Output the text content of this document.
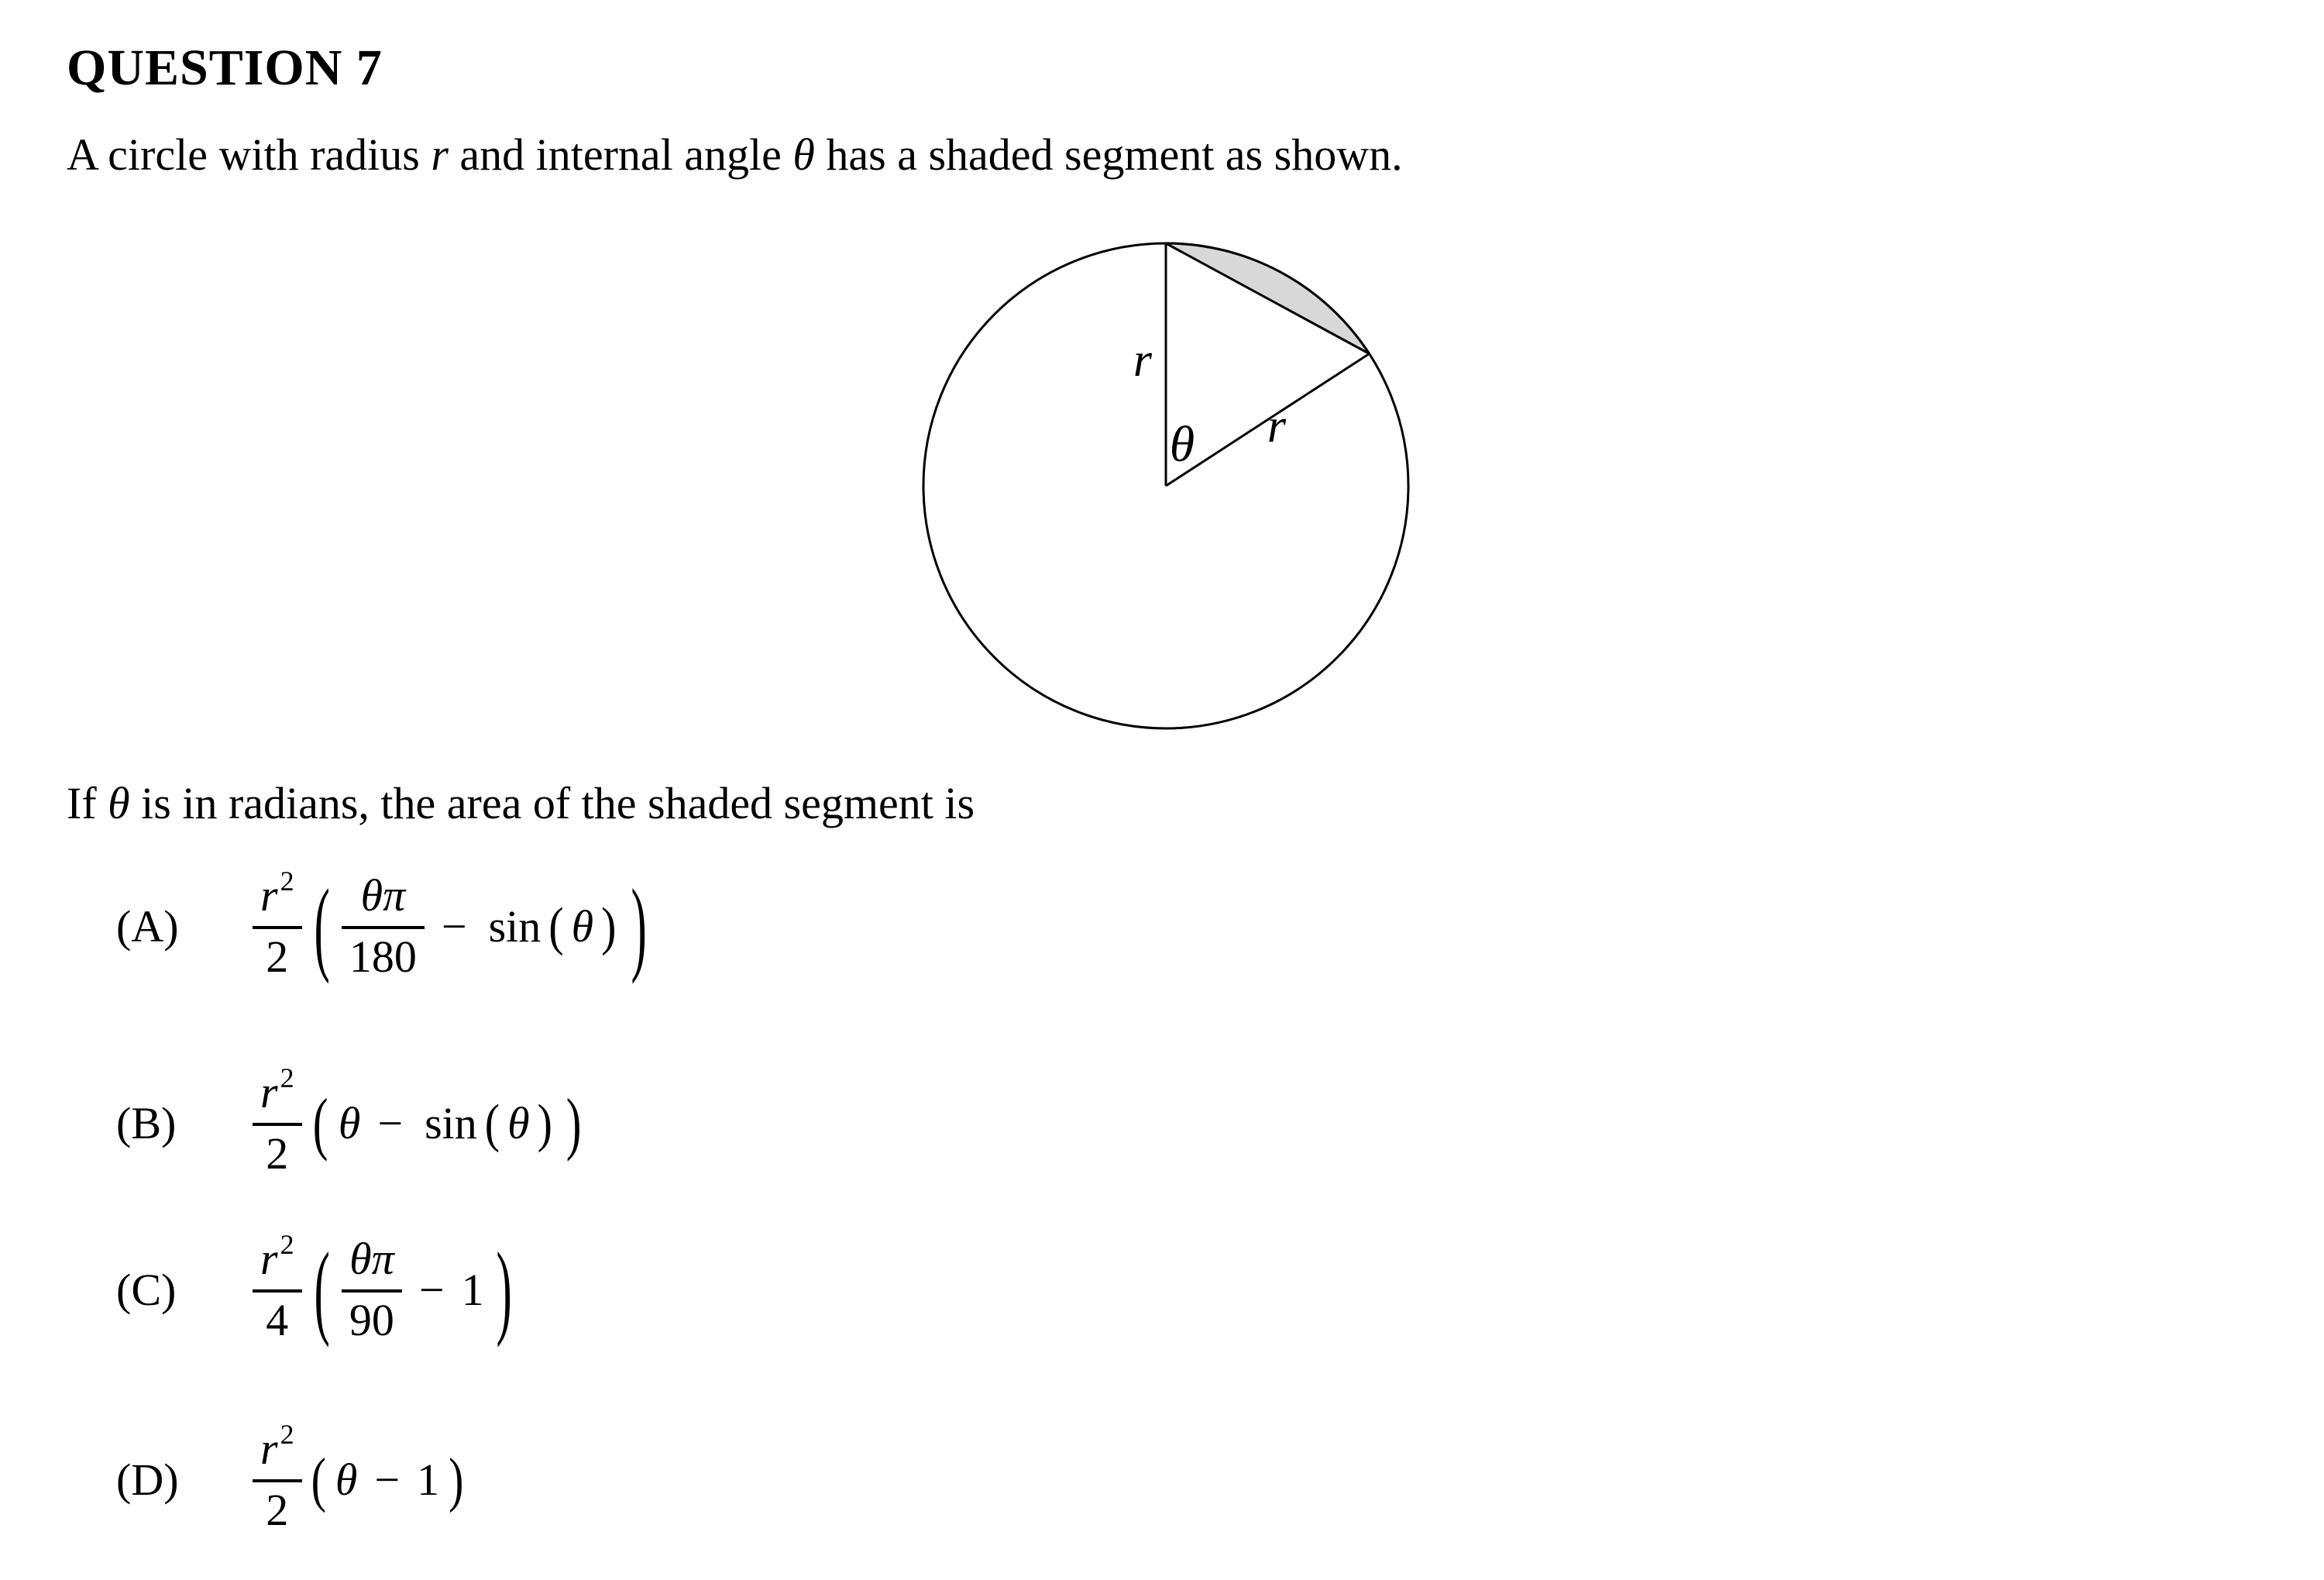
QUESTION 7
A circle with radius r and internal angle θ has a shaded segment as shown.
r
θ r
If θ is in radians, the area of the shaded segment is
(A)	$\frac{r^2}{2}$ ( $\frac{\theta\pi}{180} - \sin$ ( θ ) )
(B)	$\frac{r^2}{2}$ ( θ − sin ( θ ) )
(C)	$\frac{r^2}{4}$ ( $\frac{\theta\pi}{90} - 1$ )
(D)	$\frac{r^2}{2}$ ( θ − 1 )
